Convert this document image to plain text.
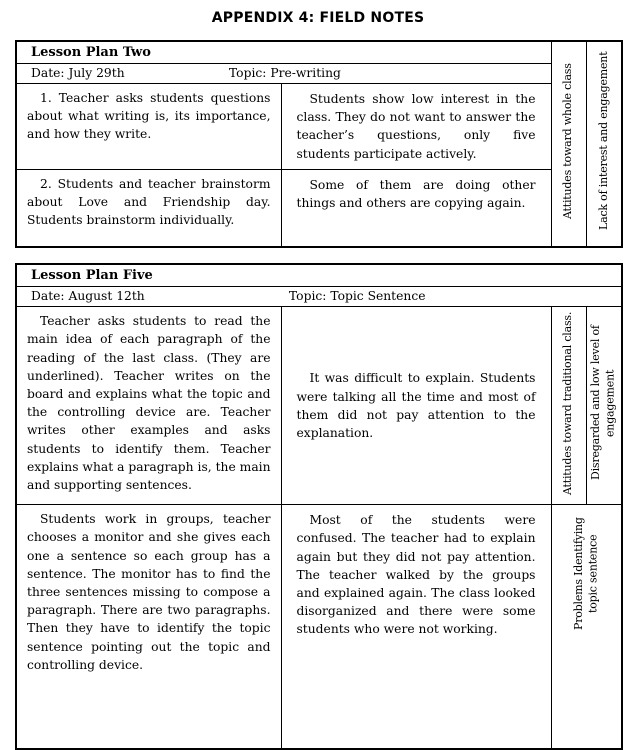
APPENDIX 4: FIELD NOTES
Lesson Plan Two		Attitudes toward whole class	Lack of interest and engagement
Date: July 29th Topic: Pre-writing			
1. Teacher asks students questions about what writing is, its importance, and how they write.	Students show low interest in the class. They do not want to answer the teacher’s questions, only five students participate actively.		
2. Students and teacher brainstorm about Love and Friendship day. Students brainstorm individually.	Some of them are doing other things and others are copying again.		
Lesson Plan Five			
Date: August 12th Topic: Topic Sentence			
Teacher asks students to read the main idea of each paragraph of the reading of the last class. (They are underlined). Teacher writes on the board and explains what the topic and the controlling device are. Teacher writes other examples and asks students to identify them. Teacher explains what a paragraph is, the main and supporting sentences.	It was difficult to explain. Students were talking all the time and most of them did not pay attention to the explanation.	Attitudes toward traditional class.	Disregarded and low level of engagement
Students work in groups, teacher chooses a monitor and she gives each one a sentence so each group has a sentence. The monitor has to find the three sentences missing to compose a paragraph. There are two paragraphs. Then they have to identify the topic sentence pointing out the topic and controlling device.	Most of the students were confused. The teacher had to explain again but they did not pay attention. The teacher walked by the groups and explained again. The class looked disorganized and there were some students who were not working.	Problems Identifying topic sentence
